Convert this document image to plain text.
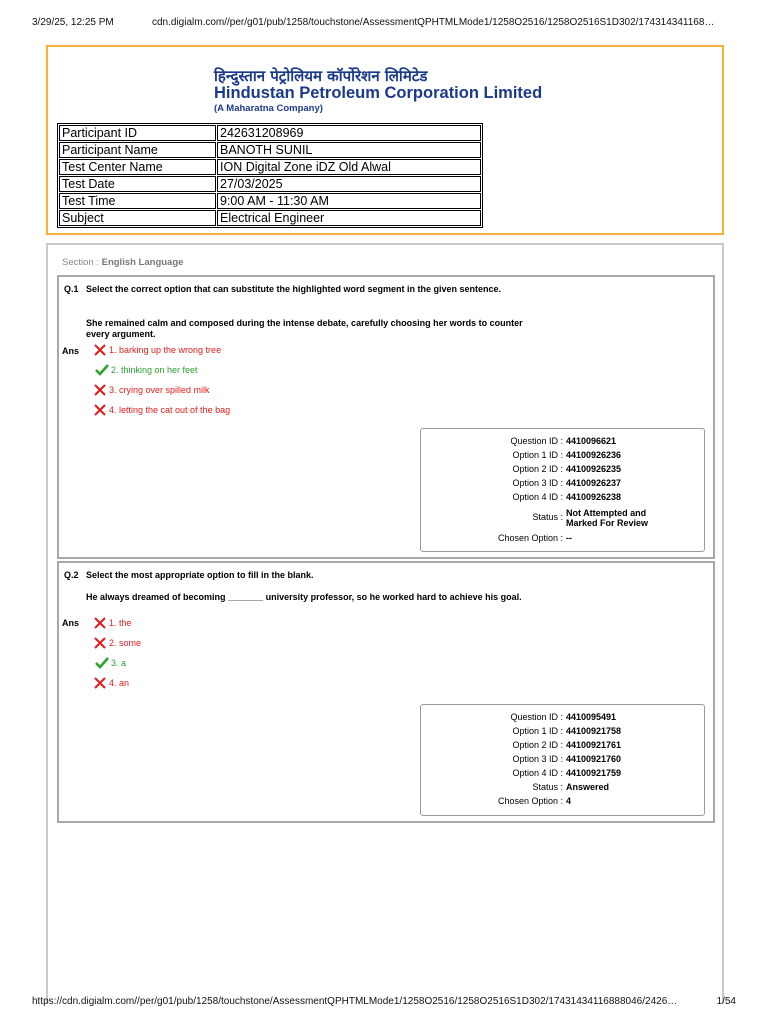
3/29/25, 12:25 PM	cdn.digialm.com//per/g01/pub/1258/touchstone/AssessmentQPHTMLMode1/1258O2516/1258O2516S1D302/174314341168…
हिन्दुस्तान पेट्रोलियम कॉर्पोरेशन लिमिटेड
Hindustan Petroleum Corporation Limited
(A Maharatna Company)
Participant ID	242631208969
Participant Name	BANOTH SUNIL
Test Center Name	ION Digital Zone iDZ Old Alwal
Test Date	27/03/2025
Test Time	9:00 AM - 11:30 AM
Subject	Electrical Engineer
Section : English Language
Q.1 Select the correct option that can substitute the highlighted word segment in the given sentence.
She remained calm and composed during the intense debate, carefully choosing her words to counter every argument.
Ans	1. barking up the wrong tree
2. thinking on her feet
3. crying over spilled milk
4. letting the cat out of the bag
Question ID : 4410096621
Option 1 ID : 44100926236
Option 2 ID : 44100926235
Option 3 ID : 44100926237
Option 4 ID : 44100926238
Status : Not Attempted and
Marked For Review
Chosen Option : --
Q.2 Select the most appropriate option to fill in the blank.
He always dreamed of becoming _______ university professor, so he worked hard to achieve his goal.
Ans	1. the
2. some
3. a
4. an
Question ID : 4410095491
Option 1 ID : 44100921758
Option 2 ID : 44100921761
Option 3 ID : 44100921760
Option 4 ID : 44100921759
Status : Answered
Chosen Option : 4
https://cdn.digialm.com//per/g01/pub/1258/touchstone/AssessmentQPHTMLMode1/1258O2516/1258O2516S1D302/17431434116888046/2426…	1/54
